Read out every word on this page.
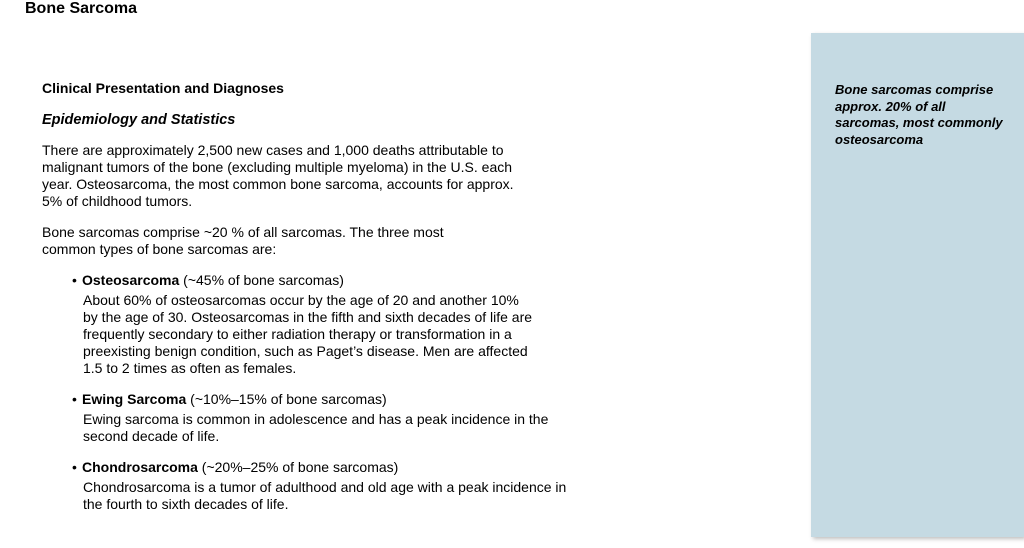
Bone Sarcoma
Clinical Presentation and Diagnoses
Epidemiology and Statistics

There are approximately 2,500 new cases and 1,000 deaths attributable to malignant tumors of the bone (excluding multiple myeloma) in the U.S. each year. Osteosarcoma, the most common bone sarcoma, accounts for approx. 5% of childhood tumors.

Bone sarcomas comprise ~20 % of all sarcomas. The three most common types of bone sarcomas are:

• Osteosarcoma (~45% of bone sarcomas)
About 60% of osteosarcomas occur by the age of 20 and another 10% by the age of 30. Osteosarcomas in the fifth and sixth decades of life are frequently secondary to either radiation therapy or transformation in a preexisting benign condition, such as Paget’s disease. Men are affected 1.5 to 2 times as often as females.
• Ewing Sarcoma (~10%–15% of bone sarcomas)
Ewing sarcoma is common in adolescence and has a peak incidence in the second decade of life.
• Chondrosarcoma (~20%–25% of bone sarcomas)
Chondrosarcoma is a tumor of adulthood and old age with a peak incidence in the fourth to sixth decades of life.
Bone sarcomas comprise approx. 20% of all sarcomas, most commonly osteosarcoma
